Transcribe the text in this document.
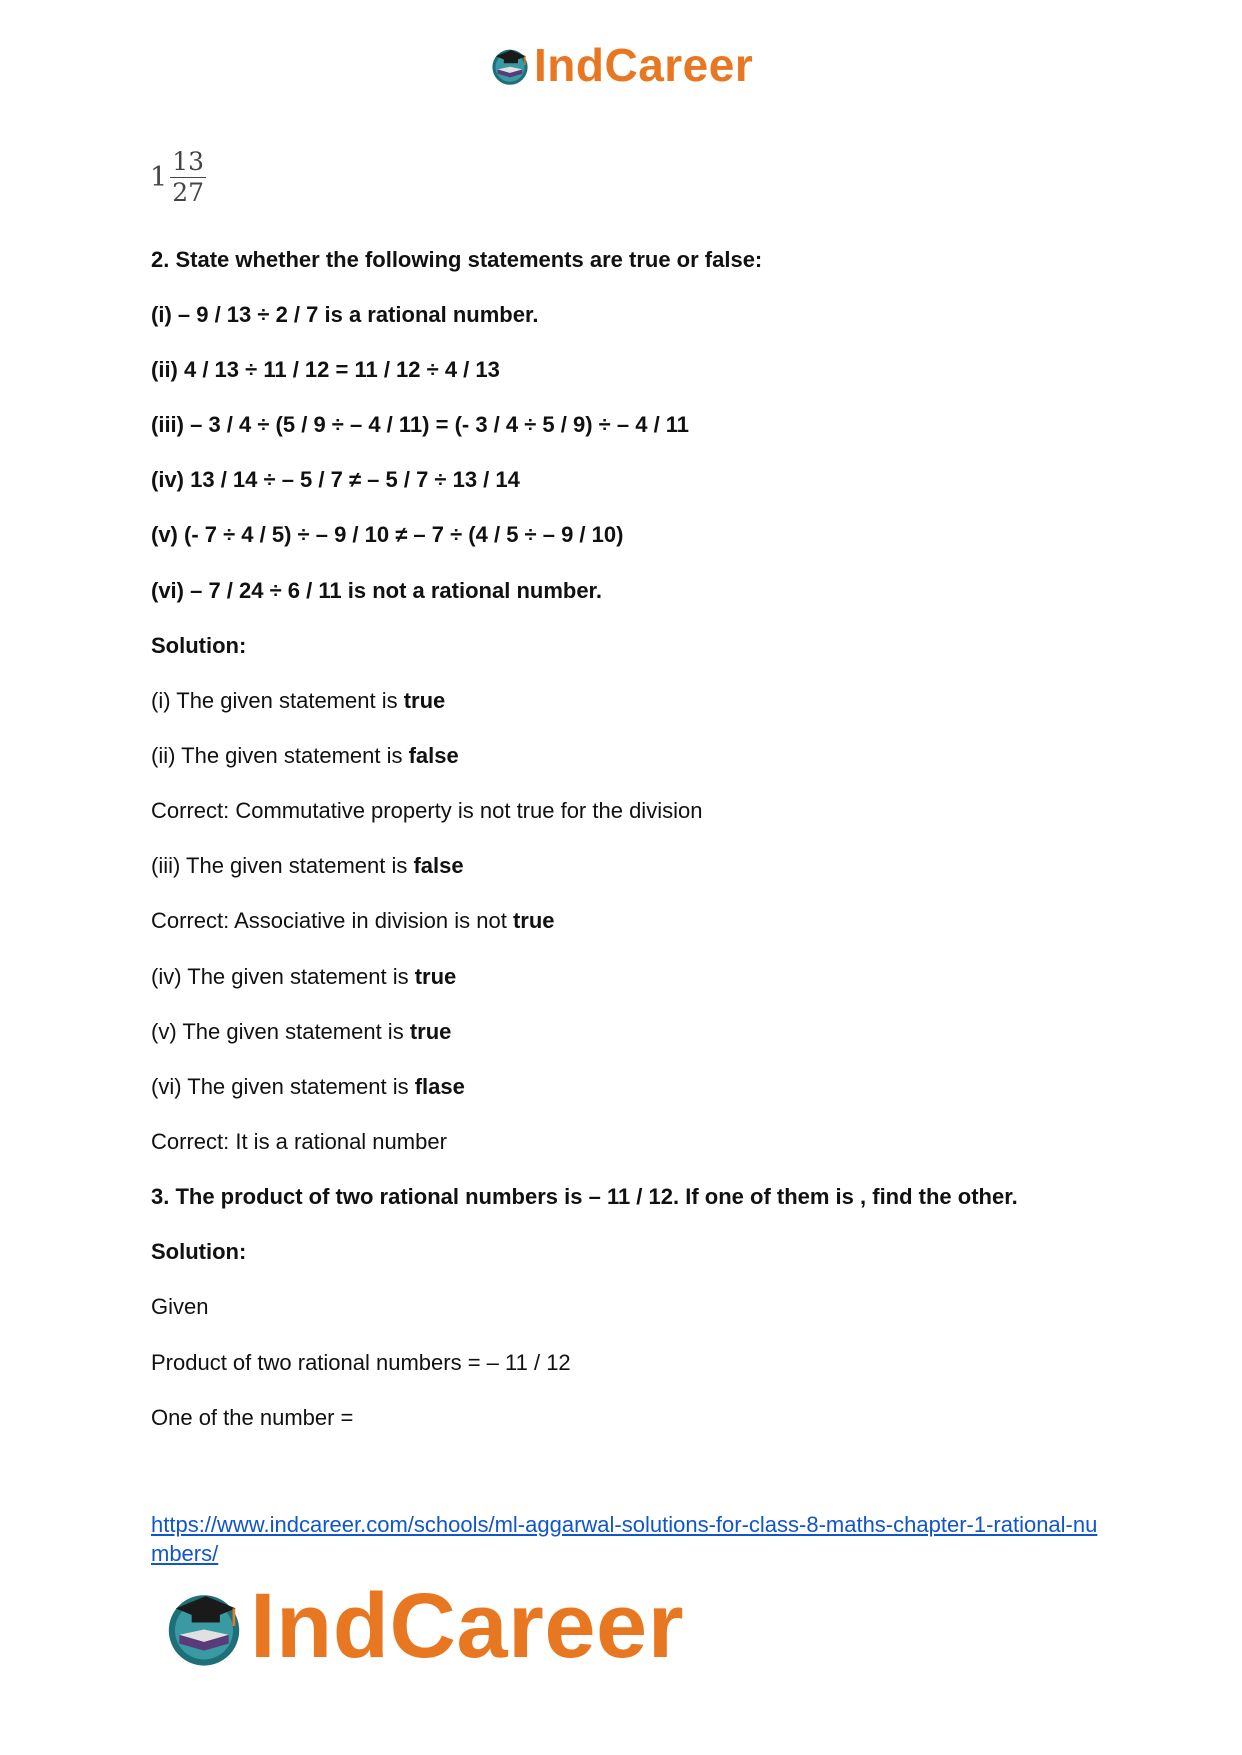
IndCareer
$1 \frac{13}{27}$
2. State whether the following statements are true or false:
(i) – 9 / 13 ÷ 2 / 7 is a rational number.
(ii) 4 / 13 ÷ 11 / 12 = 11 / 12 ÷ 4 / 13
(iii) – 3 / 4 ÷ (5 / 9 ÷ – 4 / 11) = (- 3 / 4 ÷ 5 / 9) ÷ – 4 / 11
(iv) 13 / 14 ÷ – 5 / 7 ≠ – 5 / 7 ÷ 13 / 14
(v) (- 7 ÷ 4 / 5) ÷ – 9 / 10 ≠ – 7 ÷ (4 / 5 ÷ – 9 / 10)
(vi) – 7 / 24 ÷ 6 / 11 is not a rational number.
Solution:
(i) The given statement is true
(ii) The given statement is false
Correct: Commutative property is not true for the division
(iii) The given statement is false
Correct: Associative in division is not true
(iv) The given statement is true
(v) The given statement is true
(vi) The given statement is flase
Correct: It is a rational number
3. The product of two rational numbers is – 11 / 12. If one of them is , find the other.
Solution:
Given
Product of two rational numbers = – 11 / 12
One of the number =
https://www.indcareer.com/schools/ml-aggarwal-solutions-for-class-8-maths-chapter-1-rational-numbers/
IndCareer
